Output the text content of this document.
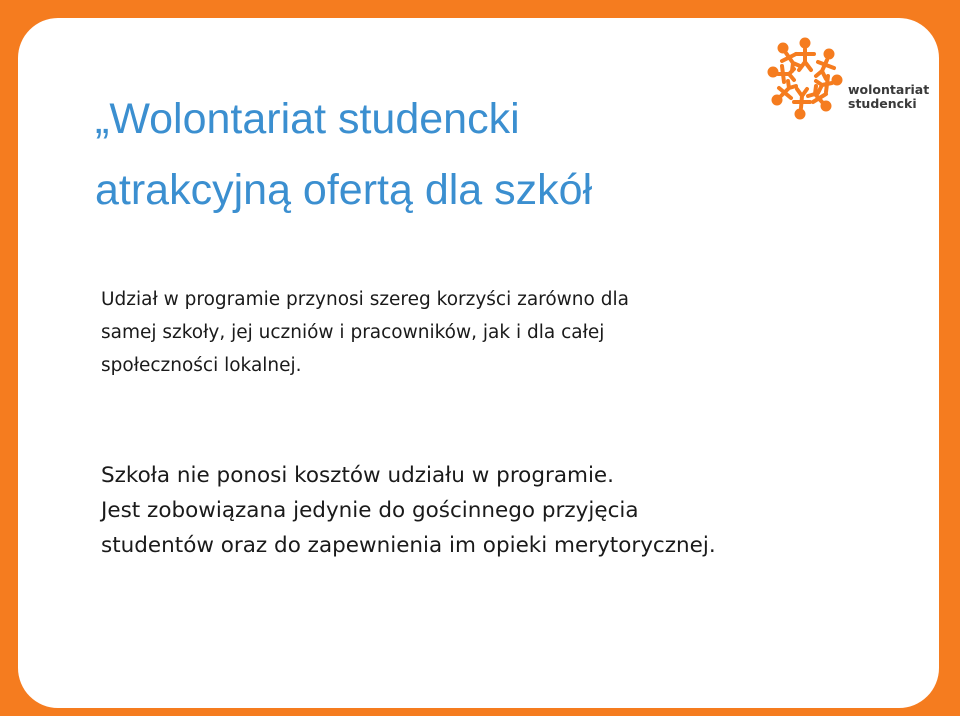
„Wolontariat studencki
atrakcyjną ofertą dla szkół

Udział w programie przynosi szereg korzyści zarówno dla
samej szkoły, jej uczniów i pracowników, jak i dla całej
społeczności lokalnej.

Szkoła nie ponosi kosztów udziału w programie.
Jest zobowiązana jedynie do gościnnego przyjęcia
studentów oraz do zapewnienia im opieki merytorycznej.

wolontariat
studencki
